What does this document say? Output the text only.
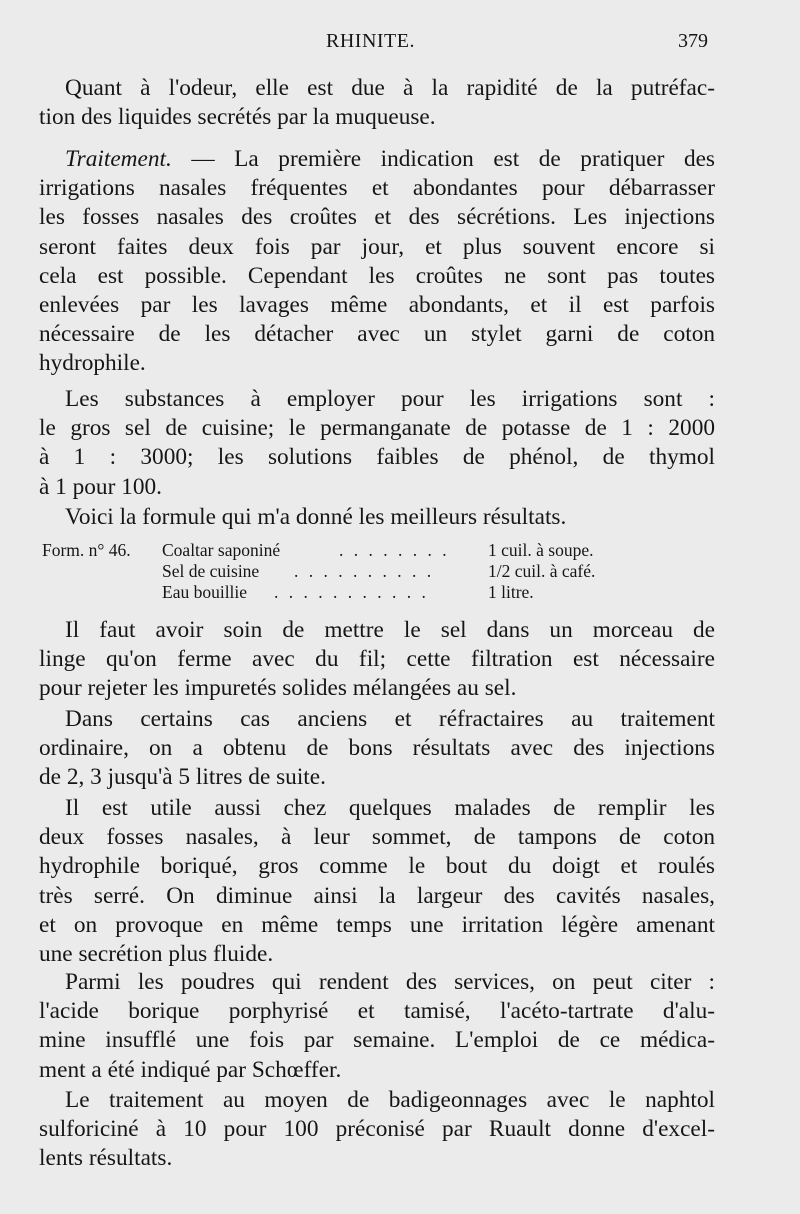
RHINITE.	379

Quant à l'odeur, elle est due à la rapidité de la putréfac-
tion des liquides secrétés par la muqueuse.

Traitement. — La première indication est de pratiquer des
irrigations nasales fréquentes et abondantes pour débarrasser
les fosses nasales des croûtes et des sécrétions. Les injections
seront faites deux fois par jour, et plus souvent encore si
cela est possible. Cependant les croûtes ne sont pas toutes
enlevées par les lavages même abondants, et il est parfois
nécessaire de les détacher avec un stylet garni de coton
hydrophile.

Les substances à employer pour les irrigations sont :
le gros sel de cuisine; le permanganate de potasse de 1 : 2000
à 1 : 3000; les solutions faibles de phénol, de thymol
à 1 pour 100.

Voici la formule qui m'a donné les meilleurs résultats.

Form. n° 46. Coaltar saponiné	. . . . . . . . 1 cuil. à soupe.
Sel de cuisine . . . . . . . . . .	1/2 cuil. à café.
Eau bouillie . . . . . . . . . . .	1 litre.

Il faut avoir soin de mettre le sel dans un morceau de
linge qu'on ferme avec du fil; cette filtration est nécessaire
pour rejeter les impuretés solides mélangées au sel.

Dans certains cas anciens et réfractaires au traitement
ordinaire, on a obtenu de bons résultats avec des injections
de 2, 3 jusqu'à 5 litres de suite.

Il est utile aussi chez quelques malades de remplir les
deux fosses nasales, à leur sommet, de tampons de coton
hydrophile boriqué, gros comme le bout du doigt et roulés
très serré. On diminue ainsi la largeur des cavités nasales,
et on provoque en même temps une irritation légère amenant
une secrétion plus fluide.

Parmi les poudres qui rendent des services, on peut citer :
l'acide borique porphyrisé et tamisé, l'acéto-tartrate d'alu-
mine insufflé une fois par semaine. L'emploi de ce médica-
ment a été indiqué par Schœffer.

Le traitement au moyen de badigeonnages avec le naphtol
sulforiciné à 10 pour 100 préconisé par Ruault donne d'excel-
lents résultats.
